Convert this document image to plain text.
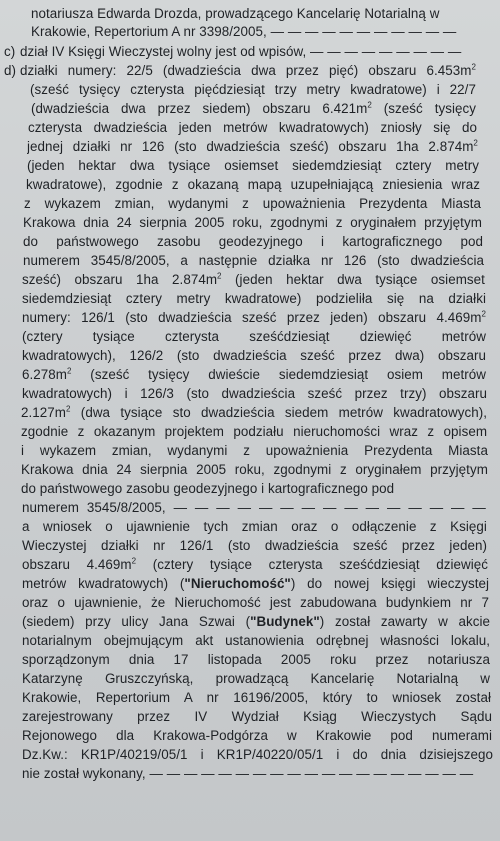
notariusza Edwarda Drozda, prowadzącego Kancelarię Notarialną w
Krakowie, Repertorium A nr 3398/2005, — — — — — — — — — — —
c) dział IV Księgi Wieczystej wolny jest od wpisów, — — — — — — — — —
d) działki numery: 22/5 (dwadzieścia dwa przez pięć) obszaru $6.453m^2$
(sześć tysięcy czterysta pięćdziesiąt trzy metry kwadratowe) i 22/7
(dwadzieścia dwa przez siedem) obszaru $6.421m^2$ (sześć tysięcy
czterysta dwadzieścia jeden metrów kwadratowych) zniosły się do
jednej działki nr 126 (sto dwadzieścia sześć) obszaru 1ha $2.874m^2$
(jeden hektar dwa tysiące osiemset siedemdziesiąt cztery metry
kwadratowe), zgodnie z okazaną mapą uzupełniającą zniesienia wraz
z wykazem zmian, wydanymi z upoważnienia Prezydenta Miasta
Krakowa dnia 24 sierpnia 2005 roku, zgodnymi z oryginałem przyjętym
do państwowego zasobu geodezyjnego i kartograficznego pod
numerem 3545/8/2005, a następnie działka nr 126 (sto dwadzieścia
sześć) obszaru 1ha $2.874m^2$ (jeden hektar dwa tysiące osiemset
siedemdziesiąt cztery metry kwadratowe) podzieliła się na działki
numery: 126/1 (sto dwadzieścia sześć przez jeden) obszaru $4.469m^2$
(cztery tysiące czterysta sześćdziesiąt dziewięć metrów
kwadratowych), 126/2 (sto dwadzieścia sześć przez dwa) obszaru
$6.278m^2$ (sześć tysięcy dwieście siedemdziesiąt osiem metrów
kwadratowych) i 126/3 (sto dwadzieścia sześć przez trzy) obszaru
$2.127m^2$ (dwa tysiące sto dwadzieścia siedem metrów kwadratowych),
zgodnie z okazanym projektem podziału nieruchomości wraz z opisem
i wykazem zmian, wydanymi z upoważnienia Prezydenta Miasta
Krakowa dnia 24 sierpnia 2005 roku, zgodnymi z oryginałem przyjętym
do państwowego zasobu geodezyjnego i kartograficznego pod
numerem 3545/8/2005, — — — — — — — — — — — — — — —
a wniosek o ujawnienie tych zmian oraz o odłączenie z Księgi
Wieczystej działki nr 126/1 (sto dwadzieścia sześć przez jeden)
obszaru $4.469m^2$ (cztery tysiące czterysta sześćdziesiąt dziewięć
metrów kwadratowych) ("Nieruchomość") do nowej księgi wieczystej
oraz o ujawnienie, że Nieruchomość jest zabudowana budynkiem nr 7
(siedem) przy ulicy Jana Szwai ("Budynek") został zawarty w akcie
notarialnym obejmującym akt ustanowienia odrębnej własności lokalu,
sporządzonym dnia 17 listopada 2005 roku przez notariusza
Katarzynę Gruszczyńską, prowadzącą Kancelarię Notarialną w
Krakowie, Repertorium A nr 16196/2005, który to wniosek został
zarejestrowany przez IV Wydział Ksiąg Wieczystych Sądu
Rejonowego dla Krakowa-Podgórza w Krakowie pod numerami
Dz.Kw.: KR1P/40219/05/1 i KR1P/40220/05/1 i do dnia dzisiejszego
nie został wykonany, — — — — — — — — — — — — — — — — — — —
